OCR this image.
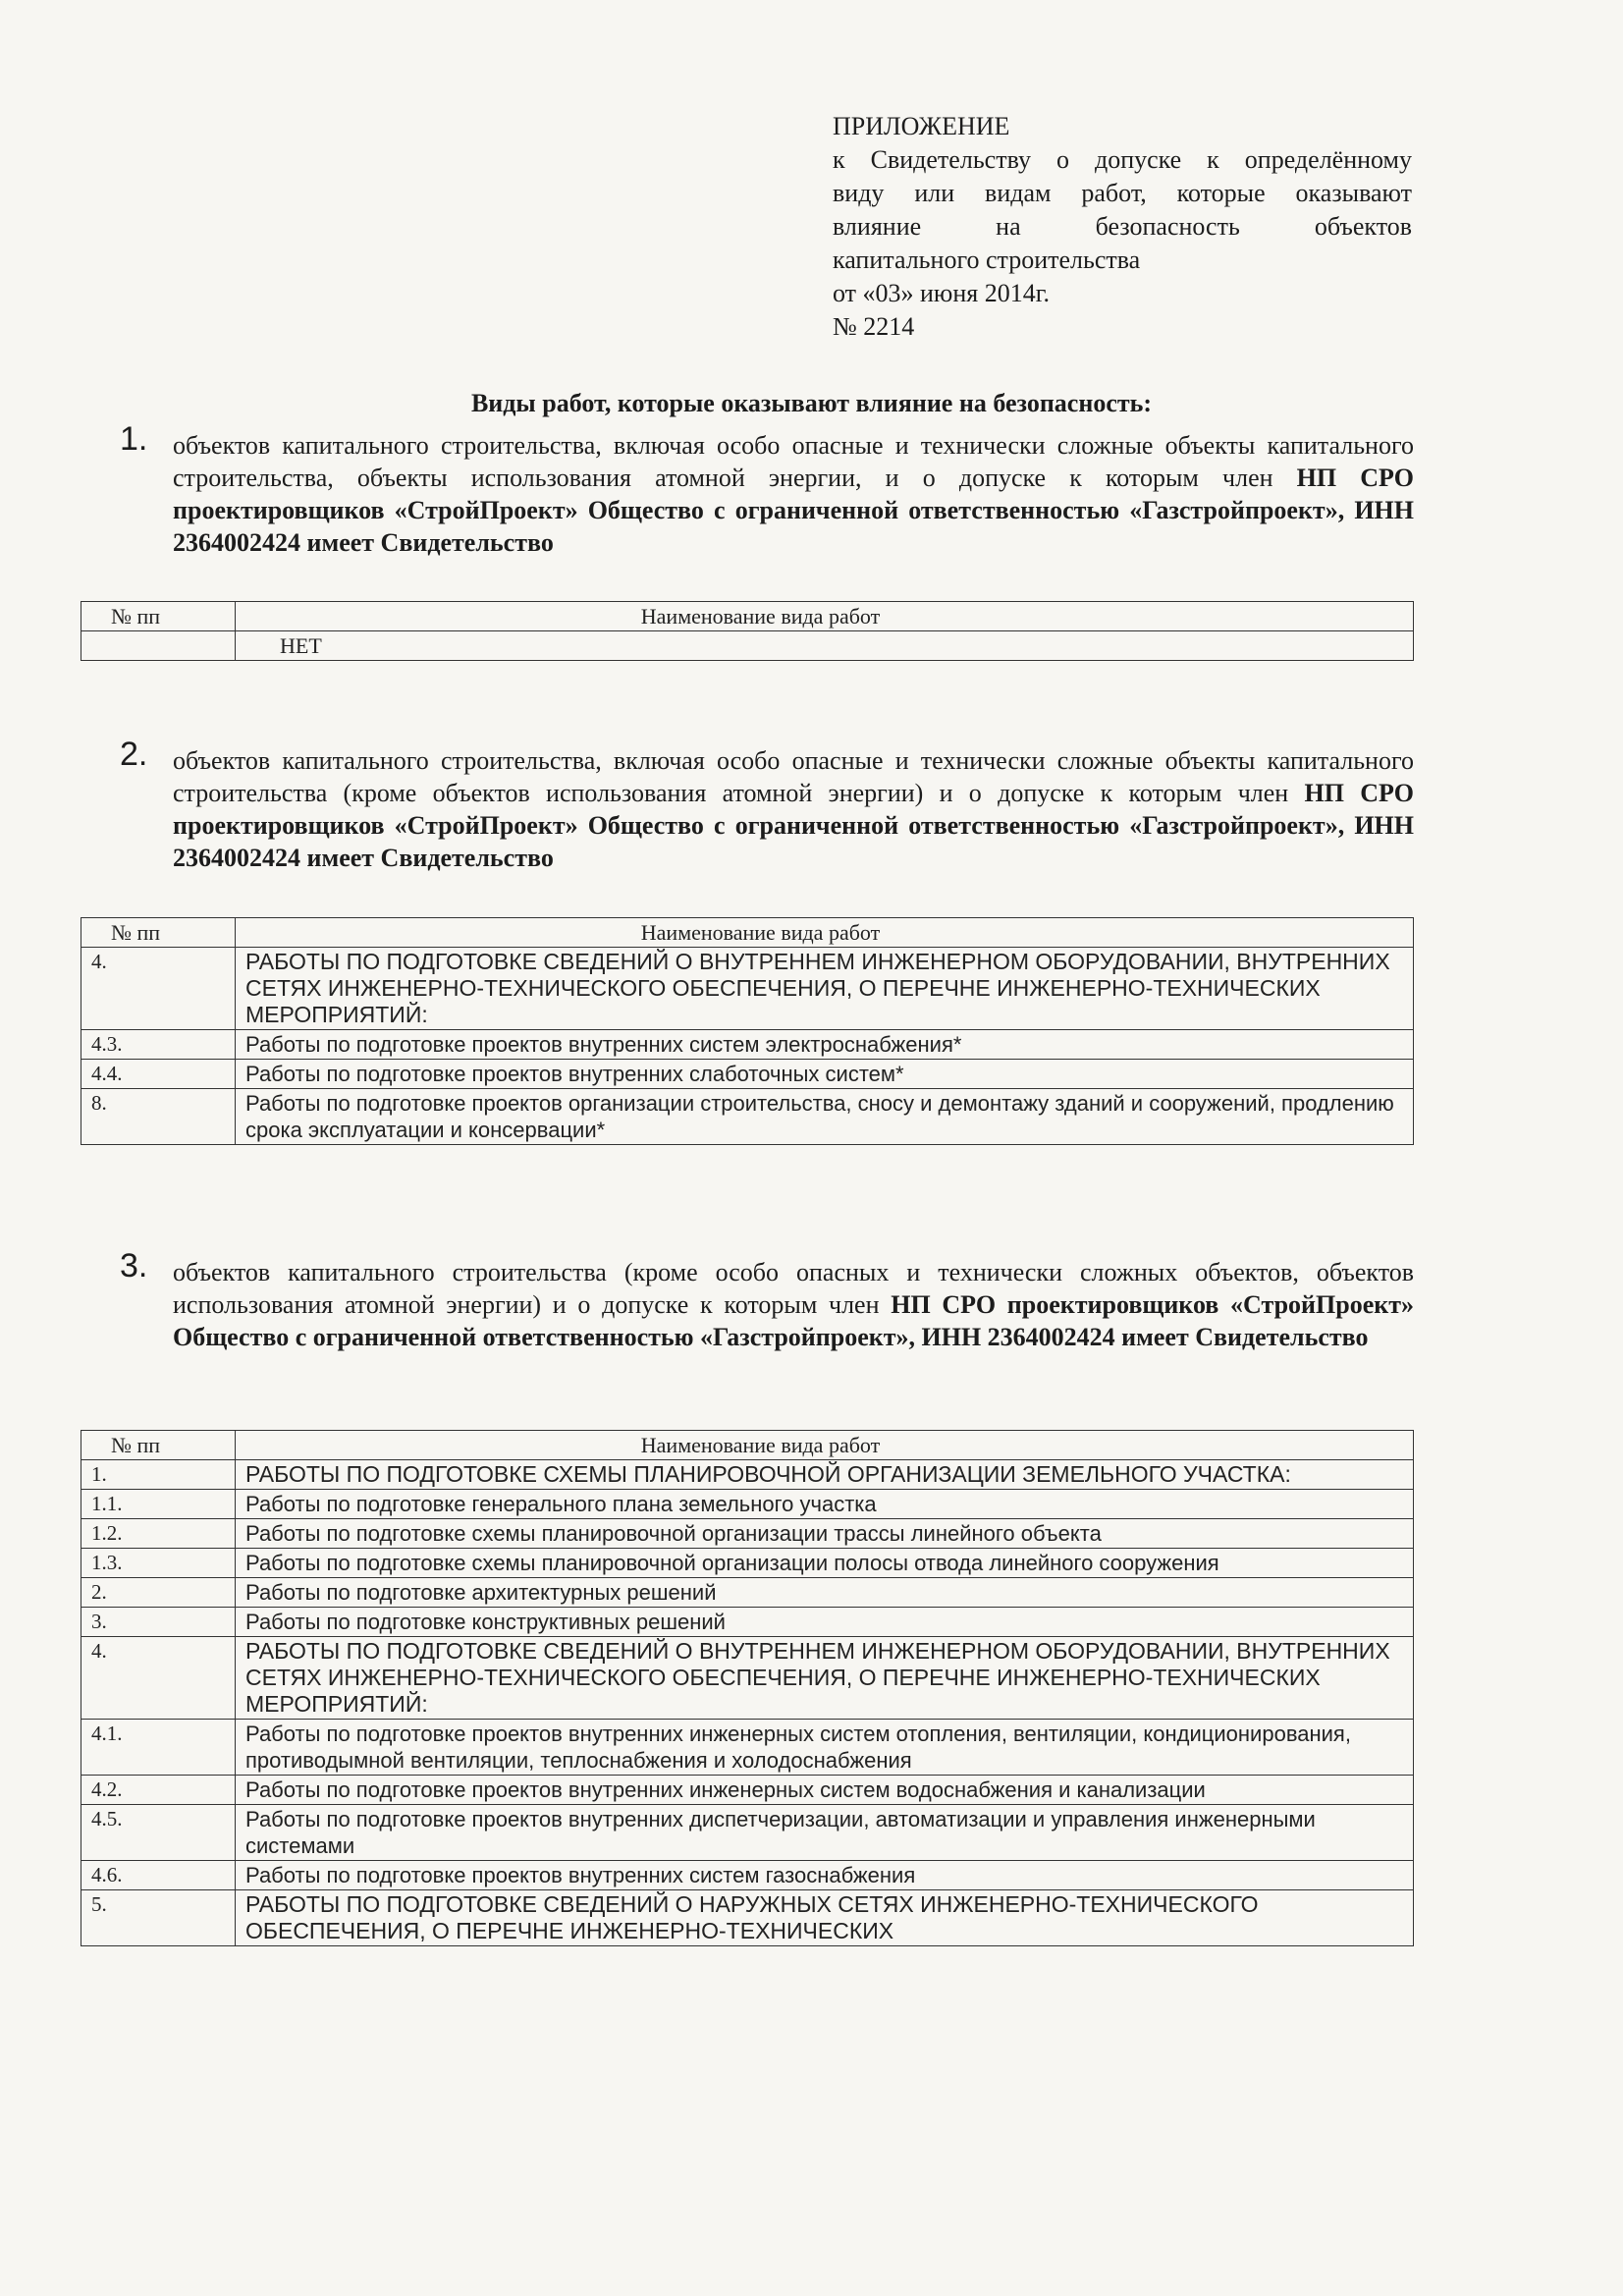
ПРИЛОЖЕНИЕ
к Свидетельству о допуске к определённому
виду или видам работ, которые оказывают
влияние на безопасность объектов
капитального строительства
от «03» июня 2014г.
№ 2214
Виды работ, которые оказывают влияние на безопасность:
1. объектов капитального строительства, включая особо опасные и технически сложные объекты капитального строительства, объекты использования атомной энергии, и о допуске к которым член НП СРО проектировщиков «СтройПроект» Общество с ограниченной ответственностью «Газстройпроект», ИНН 2364002424 имеет Свидетельство
№ пп	Наименование вида работ
	НЕТ
2. объектов капитального строительства, включая особо опасные и технически сложные объекты капитального строительства (кроме объектов использования атомной энергии) и о допуске к которым член НП СРО проектировщиков «СтройПроект» Общество с ограниченной ответственностью «Газстройпроект», ИНН 2364002424 имеет Свидетельство
№ пп	Наименование вида работ
4.	РАБОТЫ ПО ПОДГОТОВКЕ СВЕДЕНИЙ О ВНУТРЕННЕМ ИНЖЕНЕРНОМ ОБОРУДОВАНИИ, ВНУТРЕННИХ СЕТЯХ ИНЖЕНЕРНО-ТЕХНИЧЕСКОГО ОБЕСПЕЧЕНИЯ, О ПЕРЕЧНЕ ИНЖЕНЕРНО-ТЕХНИЧЕСКИХ МЕРОПРИЯТИЙ:
4.3.	Работы по подготовке проектов внутренних систем электроснабжения*
4.4.	Работы по подготовке проектов внутренних слаботочных систем*
8.	Работы по подготовке проектов организации строительства, сносу и демонтажу зданий и сооружений, продлению срока эксплуатации и консервации*
3. объектов капитального строительства (кроме особо опасных и технически сложных объектов, объектов использования атомной энергии) и о допуске к которым член НП СРО проектировщиков «СтройПроект» Общество с ограниченной ответственностью «Газстройпроект», ИНН 2364002424 имеет Свидетельство
№ пп	Наименование вида работ
1.	РАБОТЫ ПО ПОДГОТОВКЕ СХЕМЫ ПЛАНИРОВОЧНОЙ ОРГАНИЗАЦИИ ЗЕМЕЛЬНОГО УЧАСТКА:
1.1.	Работы по подготовке генерального плана земельного участка
1.2.	Работы по подготовке схемы планировочной организации трассы линейного объекта
1.3.	Работы по подготовке схемы планировочной организации полосы отвода линейного сооружения
2.	Работы по подготовке архитектурных решений
3.	Работы по подготовке конструктивных решений
4.	РАБОТЫ ПО ПОДГОТОВКЕ СВЕДЕНИЙ О ВНУТРЕННЕМ ИНЖЕНЕРНОМ ОБОРУДОВАНИИ, ВНУТРЕННИХ СЕТЯХ ИНЖЕНЕРНО-ТЕХНИЧЕСКОГО ОБЕСПЕЧЕНИЯ, О ПЕРЕЧНЕ ИНЖЕНЕРНО-ТЕХНИЧЕСКИХ МЕРОПРИЯТИЙ:
4.1.	Работы по подготовке проектов внутренних инженерных систем отопления, вентиляции, кондиционирования, противодымной вентиляции, теплоснабжения и холодоснабжения
4.2.	Работы по подготовке проектов внутренних инженерных систем водоснабжения и канализации
4.5.	Работы по подготовке проектов внутренних диспетчеризации, автоматизации и управления инженерными системами
4.6.	Работы по подготовке проектов внутренних систем газоснабжения
5.	РАБОТЫ ПО ПОДГОТОВКЕ СВЕДЕНИЙ О НАРУЖНЫХ СЕТЯХ ИНЖЕНЕРНО-ТЕХНИЧЕСКОГО ОБЕСПЕЧЕНИЯ, О ПЕРЕЧНЕ ИНЖЕНЕРНО-ТЕХНИЧЕСКИХ
